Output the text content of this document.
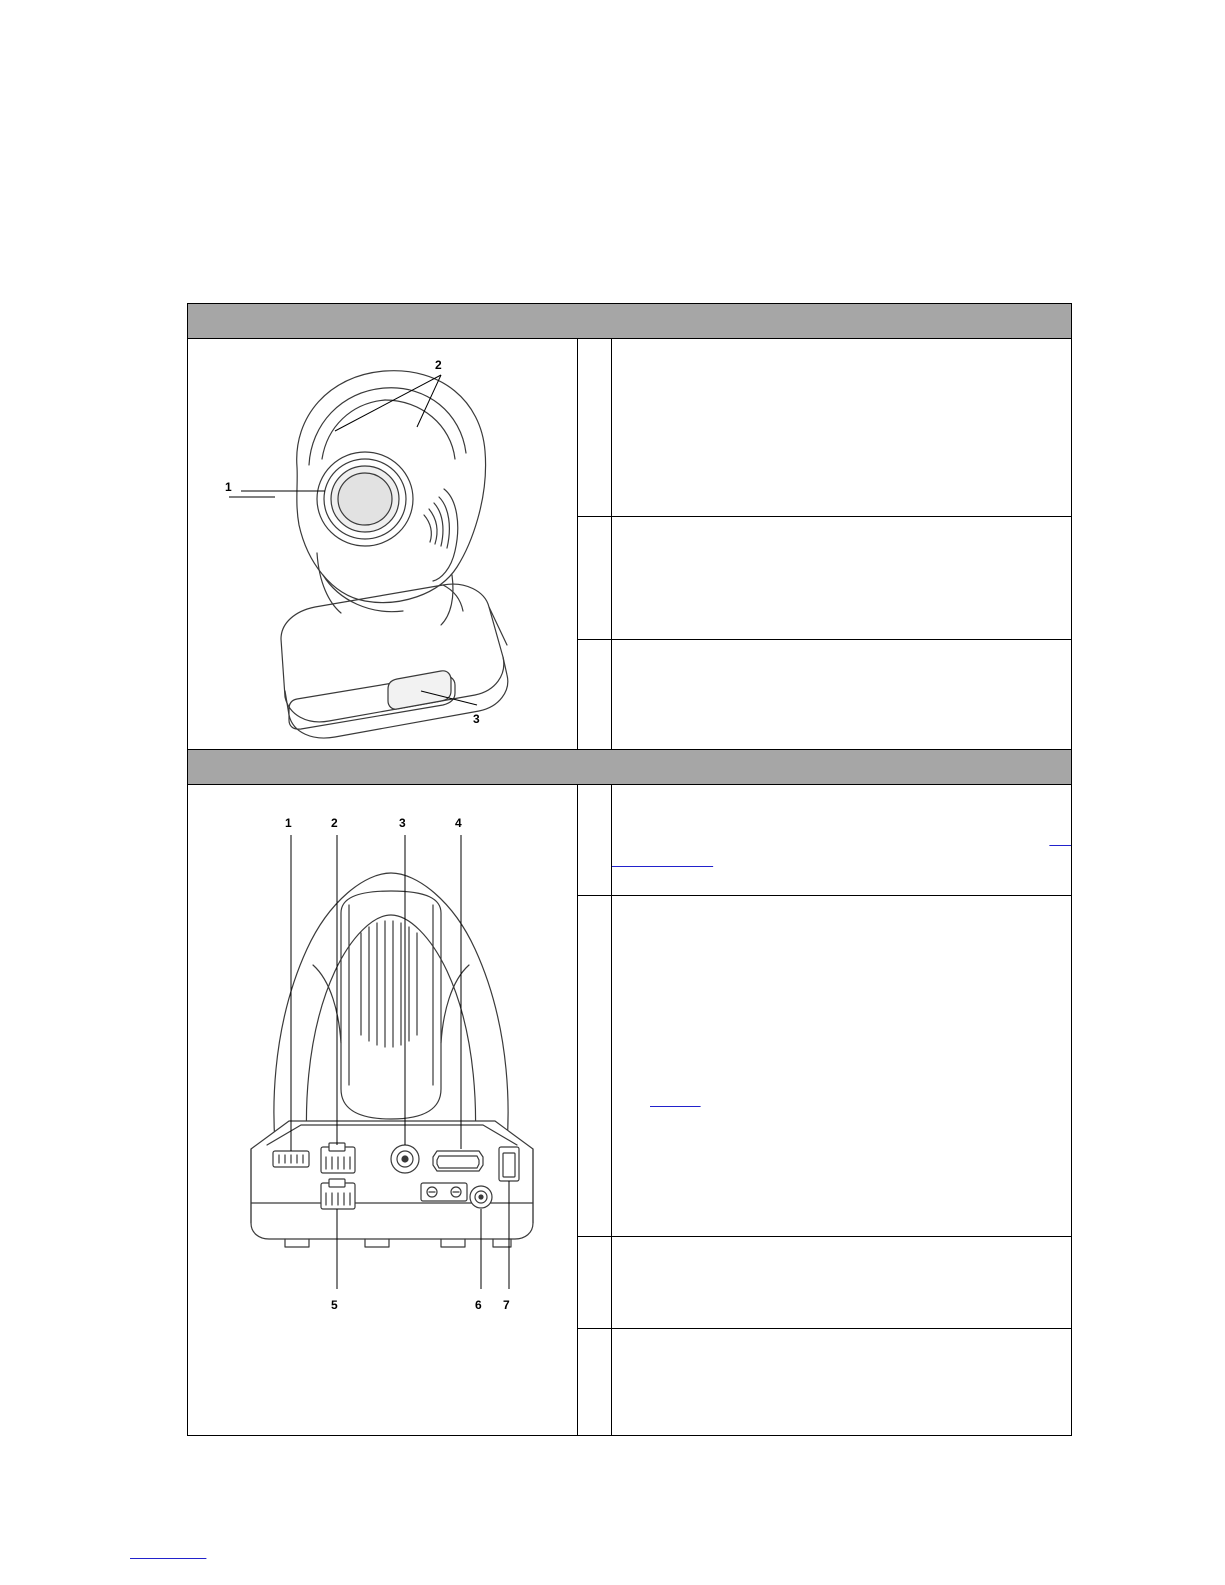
2
1
3		

1	2	3	4
5	6 7
